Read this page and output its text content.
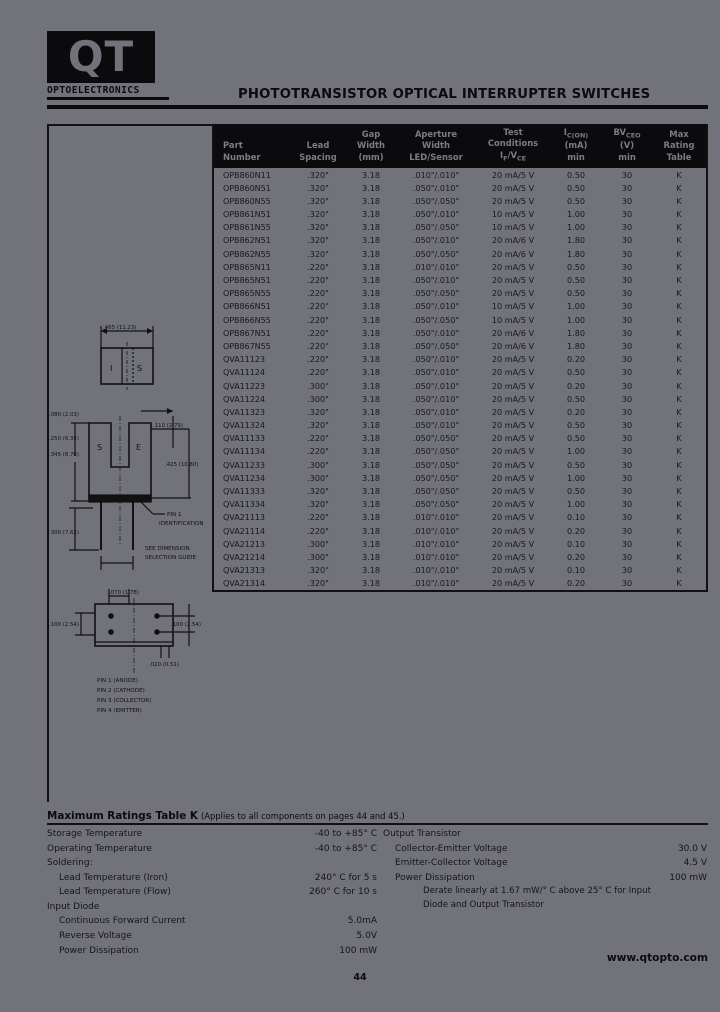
QT
OPTOELECTRONICS	PHOTOTRANSISTOR OPTICAL INTERRUPTER SWITCHES
.465 (11.23)
.080 (2.03)
.250 (6.35)
.345 (8.76)
.300 (7.62)
.110 (2.79)
.425 (10.80)
.070 (1.78)
.100 (2.54)	.100 (2.54)
.020 (0.51)
I	S
S	E
PIN 1
IDENTIFICATION
SEE DIMENSION
SELECTION GUIDE
PIN 1 (ANODE)
PIN 2 (CATHODE)
PIN 3 (COLLECTOR)
PIN 4 (EMITTER)
Part
Number

Lead
Spacing

Gap
Width
(mm)

Aperture
Width
LED/Sensor

Test
Conditions
$I_F/V_{CE}$

$I_{C(ON)}$
(mA)
min

$BV_{CEO}$
(V)
min

Max
Rating
Table

OPB860N11	.320"	3.18	.010"/.010"	20 mA/5 V	0.50	30	K
OPB860N51	.320"	3.18	.050"/.010"	20 mA/5 V	0.50	30	K
OPB860N55	.320"	3.18	.050"/.050"	20 mA/5 V	0.50	30	K
OPB861N51	.320"	3.18	.050"/.010"	10 mA/5 V	1.00	30	K
OPB861N55	.320"	3.18	.050"/.050"	10 mA/5 V	1.00	30	K
OPB862N51	.320"	3.18	.050"/.010"	20 mA/6 V	1.80	30	K
OPB862N55	.320"	3.18	.050"/.050"	20 mA/6 V	1.80	30	K
OPB865N11	.220"	3.18	.010"/.010"	20 mA/5 V	0.50	30	K
OPB865N51	.220"	3.18	.050"/.010"	20 mA/5 V	0.50	30	K
OPB865N55	.220"	3.18	.050"/.050"	20 mA/5 V	0.50	30	K
OPB866N51	.220"	3.18	.050"/.010"	10 mA/5 V	1.00	30	K
OPB866N55	.220"	3.18	.050"/.050"	10 mA/5 V	1.00	30	K
OPB867N51	.220"	3.18	.050"/.010"	20 mA/6 V	1.80	30	K
OPB867N55	.220"	3.18	.050"/.050"	20 mA/6 V	1.80	30	K
QVA11123	.220"	3.18	.050"/.010"	20 mA/5 V	0.20	30	K
QVA11124	.220"	3.18	.050"/.010"	20 mA/5 V	0.50	30	K
QVA11223	.300"	3.18	.050"/.010"	20 mA/5 V	0.20	30	K
QVA11224	.300"	3.18	.050"/.010"	20 mA/5 V	0.50	30	K
QVA11323	.320"	3.18	.050"/.010"	20 mA/5 V	0.20	30	K
QVA11324	.320"	3.18	.050"/.010"	20 mA/5 V	0.50	30	K
QVA11133	.220"	3.18	.050"/.050"	20 mA/5 V	0.50	30	K
QVA11134	.220"	3.18	.050"/.050"	20 mA/5 V	1.00	30	K
QVA11233	.300"	3.18	.050"/.050"	20 mA/5 V	0.50	30	K
QVA11234	.300"	3.18	.050"/.050"	20 mA/5 V	1.00	30	K
QVA11333	.320"	3.18	.050"/.050"	20 mA/5 V	0.50	30	K
QVA11334	.320"	3.18	.050"/.050"	20 mA/5 V	1.00	30	K
QVA21113	.220"	3.18	.010"/.010"	20 mA/5 V	0.10	30	K
QVA21114	.220"	3.18	.010"/.010"	20 mA/5 V	0.20	30	K
QVA21213	.300"	3.18	.010"/.010"	20 mA/5 V	0.10	30	K
QVA21214	.300"	3.18	.010"/.010"	20 mA/5 V	0.20	30	K
QVA21313	.320"	3.18	.010"/.010"	20 mA/5 V	0.10	30	K
QVA21314	.320"	3.18	.010"/.010"	20 mA/5 V	0.20	30	K
Maximum Ratings Table K (Applies to all components on pages 44 and 45.)
Storage Temperature	-40 to +85° C
Operating Temperature	-40 to +85° C
Soldering:
Lead Temperature (Iron)	240° C for 5 s
Lead Temperature (Flow)	260° C for 10 s
Input Diode
Continuous Forward Current	5.0mA
Reverse Voltage	5.0V
Power Dissipation	100 mW
Output Transistor
Collector-Emitter Voltage	30.0 V
Emitter-Collector Voltage	4.5 V
Power Dissipation	100 mW
Derate linearly at 1.67 mW/° C above 25° C for Input
Diode and Output Transistor
www.qtopto.com
44
